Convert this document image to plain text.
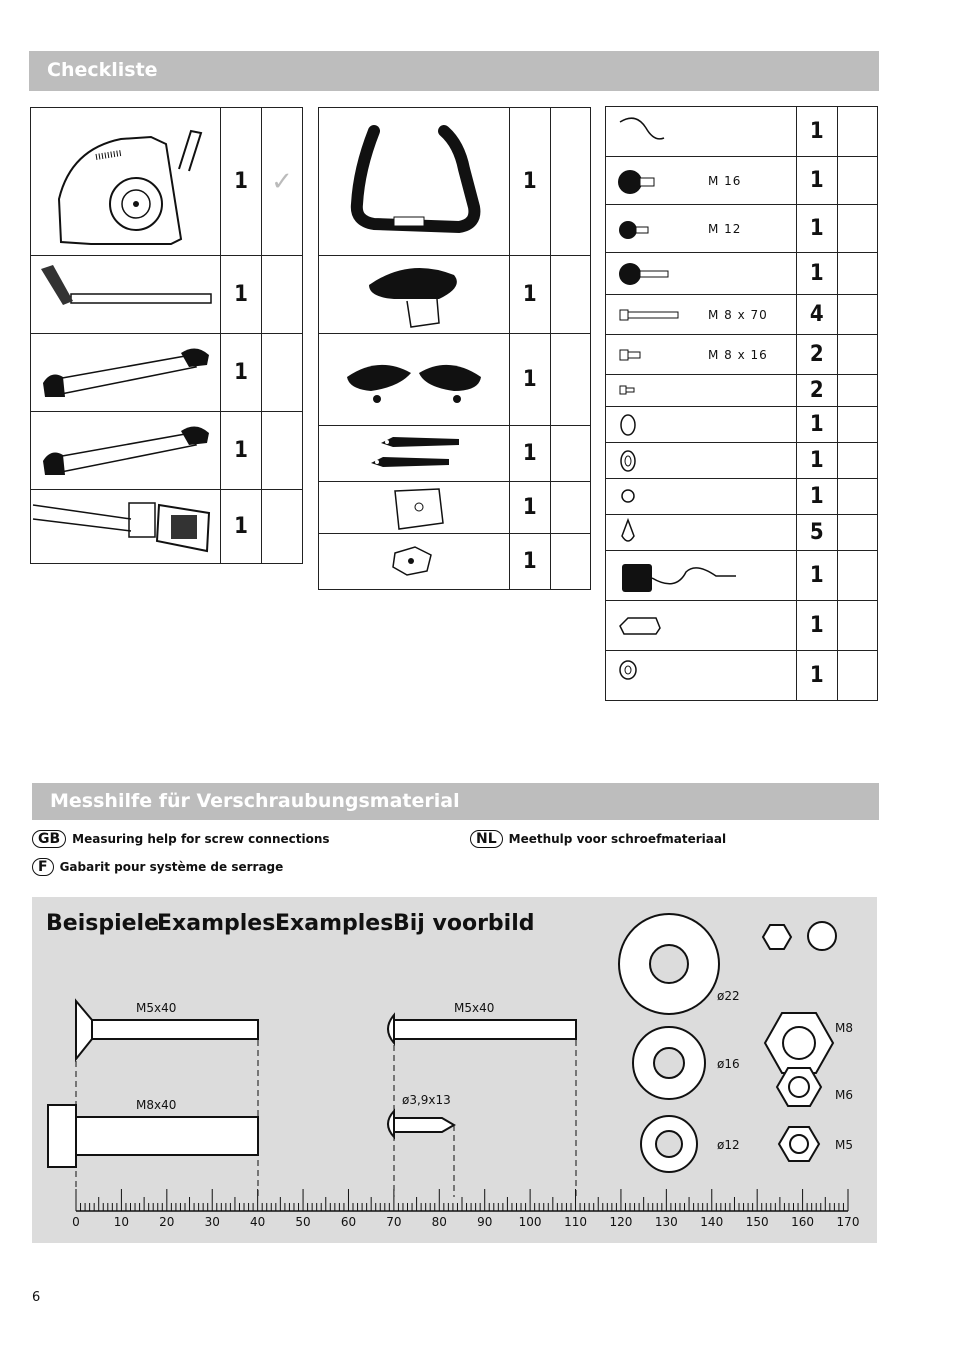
Checkliste
	1	✓

	1	

	1	

	1	

	1	
	1	

	1	

	1	

	1	

	1	

	1	
	1	

M 16	1	

M 12	1	

	1	

M 8 x 70	4	

M 8 x 16	2	

	2	

	1	

	1	

	1	

	5	

	1	

	1	

	1	
Messhilfe für Verschraubungsmaterial
GB	Measuring help for screw connections	NL	Meethulp voor schroefmateriaal
F	Gabarit pour système de serrage
Beispiele
Examples Examples Bij voorbild
M5x40	M5x40
M8x40	ø3,9x13
ø22
ø16
ø12
M8
M6
M5
0	10	20	30	40	50	60	70	80	90 100 110 120 130 140 150 160 170
6
